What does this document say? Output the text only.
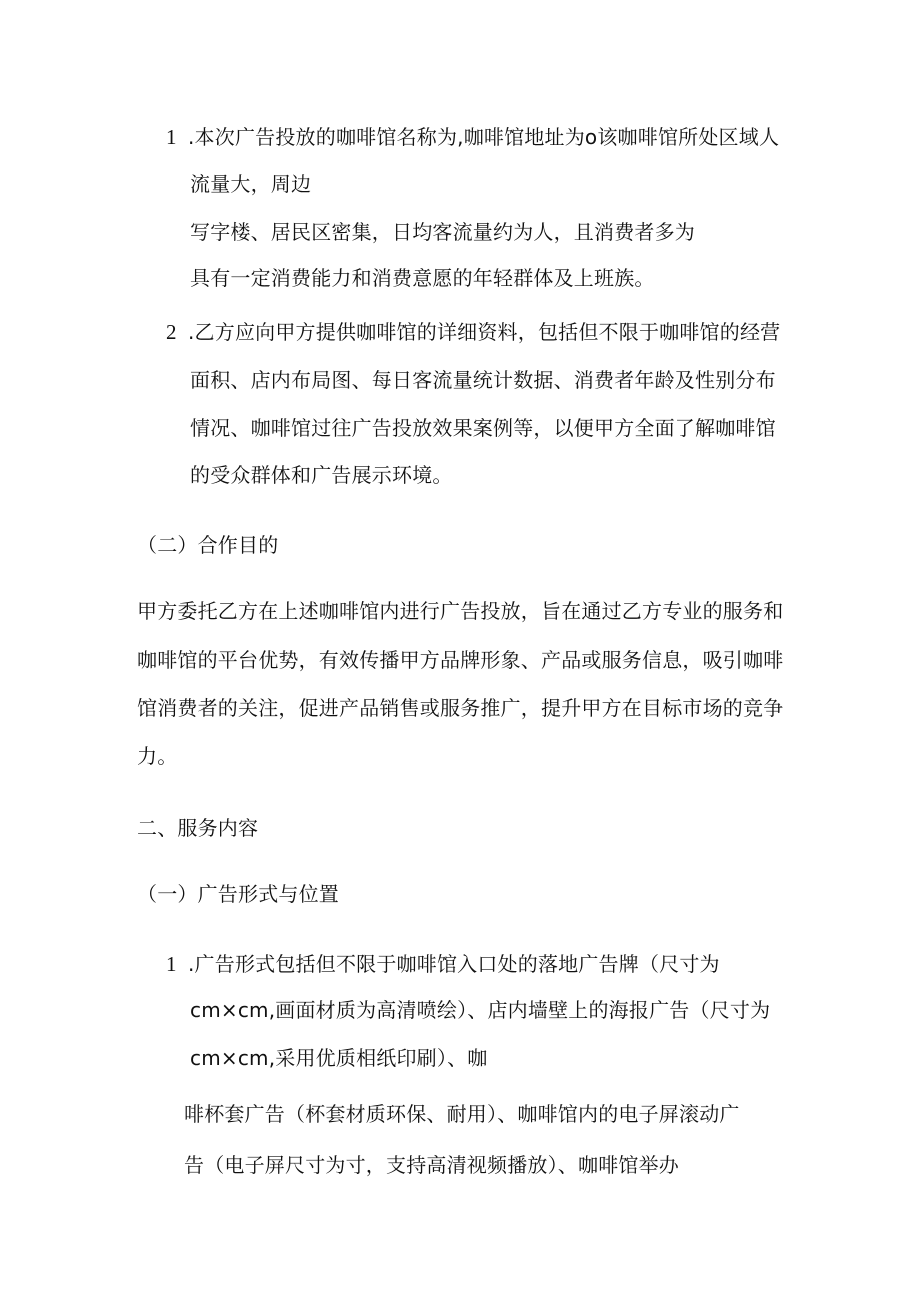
1 .本次广告投放的咖啡馆名称为,咖啡馆地址为o该咖啡馆所处区域人
流量大，周边
写字楼、居民区密集，日均客流量约为人，且消费者多为
具有一定消费能力和消费意愿的年轻群体及上班族。
2 .乙方应向甲方提供咖啡馆的详细资料，包括但不限于咖啡馆的经营
面积、店内布局图、每日客流量统计数据、消费者年龄及性别分布
情况、咖啡馆过往广告投放效果案例等，以便甲方全面了解咖啡馆
的受众群体和广告展示环境。
（二）合作目的
甲方委托乙方在上述咖啡馆内进行广告投放，旨在通过乙方专业的服务和
咖啡馆的平台优势，有效传播甲方品牌形象、产品或服务信息，吸引咖啡
馆消费者的关注，促进产品销售或服务推广，提升甲方在目标市场的竞争
力。
二、服务内容
（一）广告形式与位置
1 .广告形式包括但不限于咖啡馆入口处的落地广告牌（尺寸为
cm×cm,画面材质为高清喷绘）、店内墙壁上的海报广告（尺寸为
cm×cm,采用优质相纸印刷）、咖
啡杯套广告（杯套材质环保、耐用）、咖啡馆内的电子屏滚动广
告（电子屏尺寸为寸，支持高清视频播放）、咖啡馆举办
